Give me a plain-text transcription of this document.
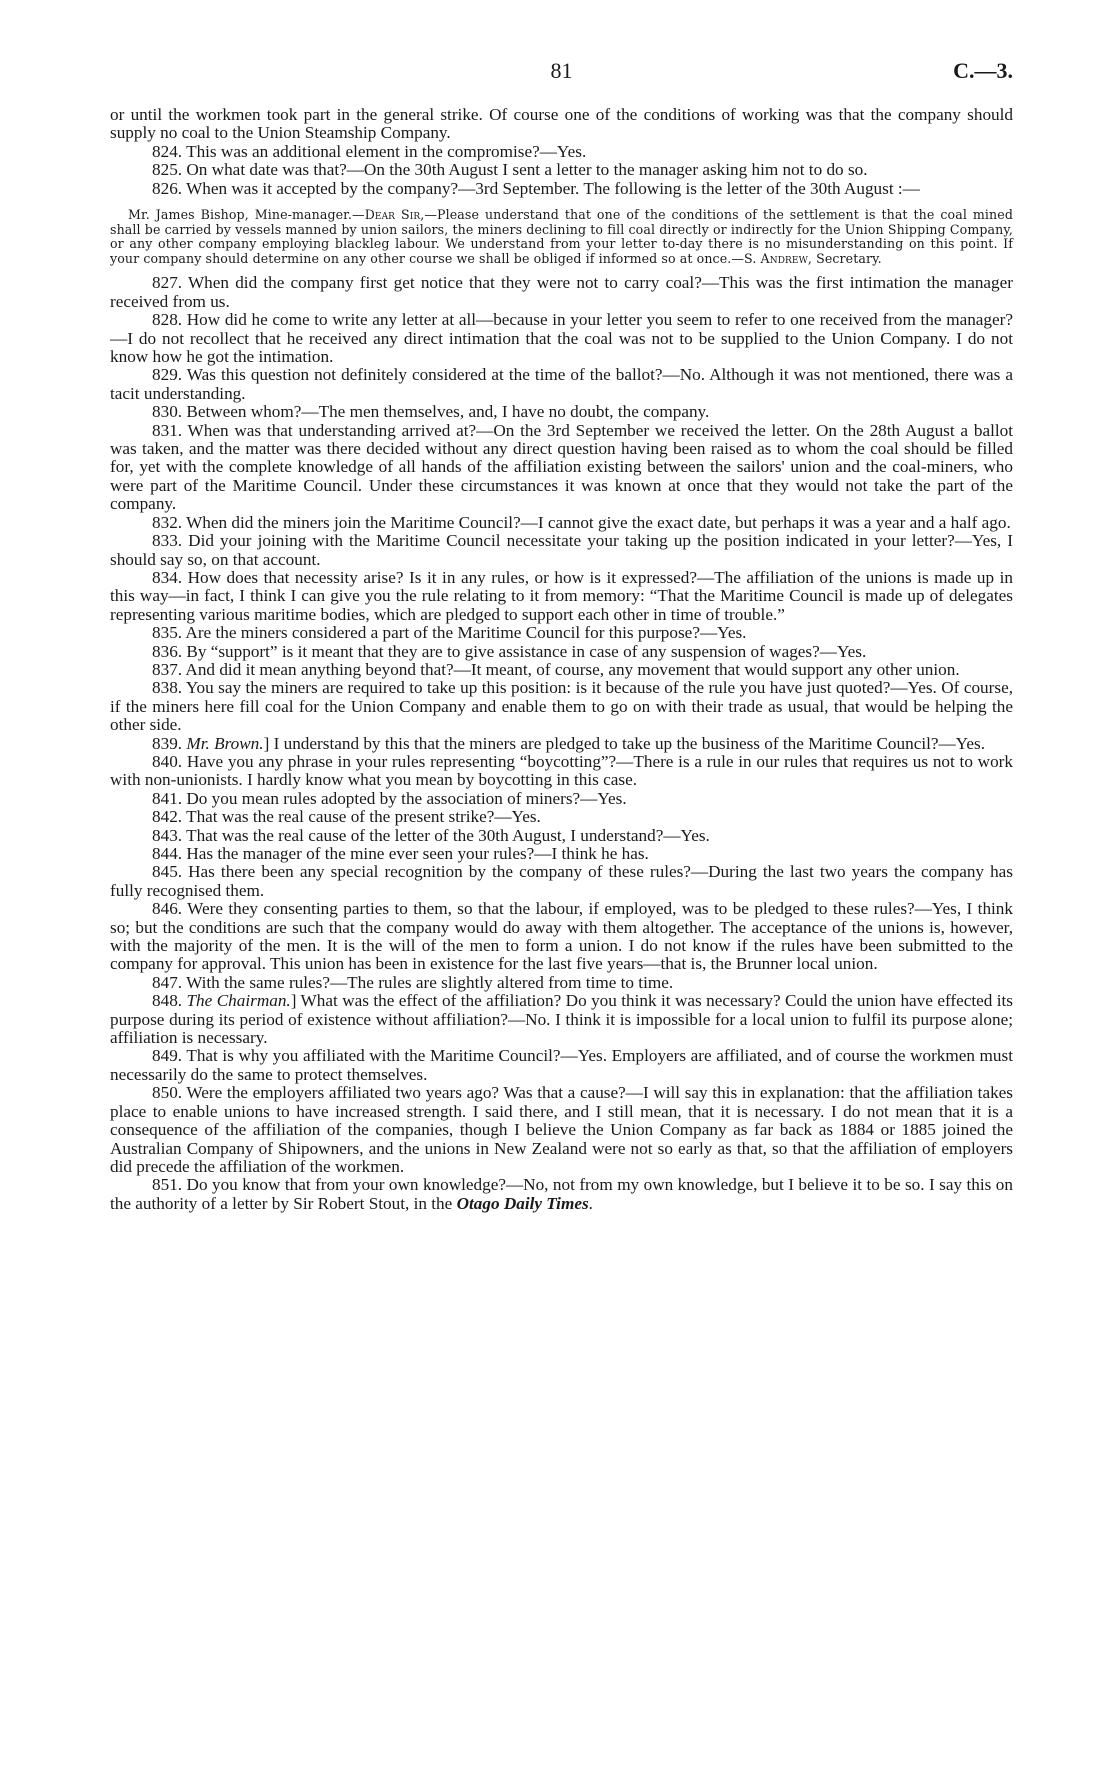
81	C.—3.

or until the workmen took part in the general strike. Of course one of the conditions of working was that the company should supply no coal to the Union Steamship Company.

824. This was an additional element in the compromise?—Yes.

825. On what date was that?—On the 30th August I sent a letter to the manager asking him not to do so.

826. When was it accepted by the company?—3rd September. The following is the letter of the 30th August :—

Mr. James Bishop, Mine-manager.—Dear Sir,—Please understand that one of the conditions of the settlement is that the coal mined shall be carried by vessels manned by union sailors, the miners declining to fill coal directly or indirectly for the Union Shipping Company, or any other company employing blackleg labour. We understand from your letter to-day there is no misunderstanding on this point. If your company should determine on any other course we shall be obliged if informed so at once.—S. Andrew, Secretary.

827. When did the company first get notice that they were not to carry coal?—This was the first intimation the manager received from us.

828. How did he come to write any letter at all—because in your letter you seem to refer to one received from the manager?—I do not recollect that he received any direct intimation that the coal was not to be supplied to the Union Company. I do not know how he got the intimation.

829. Was this question not definitely considered at the time of the ballot?—No. Although it was not mentioned, there was a tacit understanding.

830. Between whom?—The men themselves, and, I have no doubt, the company.

831. When was that understanding arrived at?—On the 3rd September we received the letter. On the 28th August a ballot was taken, and the matter was there decided without any direct question having been raised as to whom the coal should be filled for, yet with the complete knowledge of all hands of the affiliation existing between the sailors' union and the coal-miners, who were part of the Maritime Council. Under these circumstances it was known at once that they would not take the part of the company.

832. When did the miners join the Maritime Council?—I cannot give the exact date, but perhaps it was a year and a half ago.

833. Did your joining with the Maritime Council necessitate your taking up the position indicated in your letter?—Yes, I should say so, on that account.

834. How does that necessity arise? Is it in any rules, or how is it expressed?—The affiliation of the unions is made up in this way—in fact, I think I can give you the rule relating to it from memory: “That the Maritime Council is made up of delegates representing various maritime bodies, which are pledged to support each other in time of trouble.”

835. Are the miners considered a part of the Maritime Council for this purpose?—Yes.

836. By “support” is it meant that they are to give assistance in case of any suspension of wages?—Yes.

837. And did it mean anything beyond that?—It meant, of course, any movement that would support any other union.

838. You say the miners are required to take up this position: is it because of the rule you have just quoted?—Yes. Of course, if the miners here fill coal for the Union Company and enable them to go on with their trade as usual, that would be helping the other side.

839. Mr. Brown.] I understand by this that the miners are pledged to take up the business of the Maritime Council?—Yes.

840. Have you any phrase in your rules representing “boycotting”?—There is a rule in our rules that requires us not to work with non-unionists. I hardly know what you mean by boycotting in this case.

841. Do you mean rules adopted by the association of miners?—Yes.

842. That was the real cause of the present strike?—Yes.

843. That was the real cause of the letter of the 30th August, I understand?—Yes.

844. Has the manager of the mine ever seen your rules?—I think he has.

845. Has there been any special recognition by the company of these rules?—During the last two years the company has fully recognised them.

846. Were they consenting parties to them, so that the labour, if employed, was to be pledged to these rules?—Yes, I think so; but the conditions are such that the company would do away with them altogether. The acceptance of the unions is, however, with the majority of the men. It is the will of the men to form a union. I do not know if the rules have been submitted to the company for approval. This union has been in existence for the last five years—that is, the Brunner local union.

847. With the same rules?—The rules are slightly altered from time to time.

848. The Chairman.] What was the effect of the affiliation? Do you think it was necessary? Could the union have effected its purpose during its period of existence without affiliation?—No. I think it is impossible for a local union to fulfil its purpose alone; affiliation is necessary.

849. That is why you affiliated with the Maritime Council?—Yes. Employers are affiliated, and of course the workmen must necessarily do the same to protect themselves.

850. Were the employers affiliated two years ago? Was that a cause?—I will say this in explanation: that the affiliation takes place to enable unions to have increased strength. I said there, and I still mean, that it is necessary. I do not mean that it is a consequence of the affiliation of the companies, though I believe the Union Company as far back as 1884 or 1885 joined the Australian Company of Shipowners, and the unions in New Zealand were not so early as that, so that the affiliation of employers did precede the affiliation of the workmen.

851. Do you know that from your own knowledge?—No, not from my own knowledge, but I believe it to be so. I say this on the authority of a letter by Sir Robert Stout, in the Otago Daily Times.
